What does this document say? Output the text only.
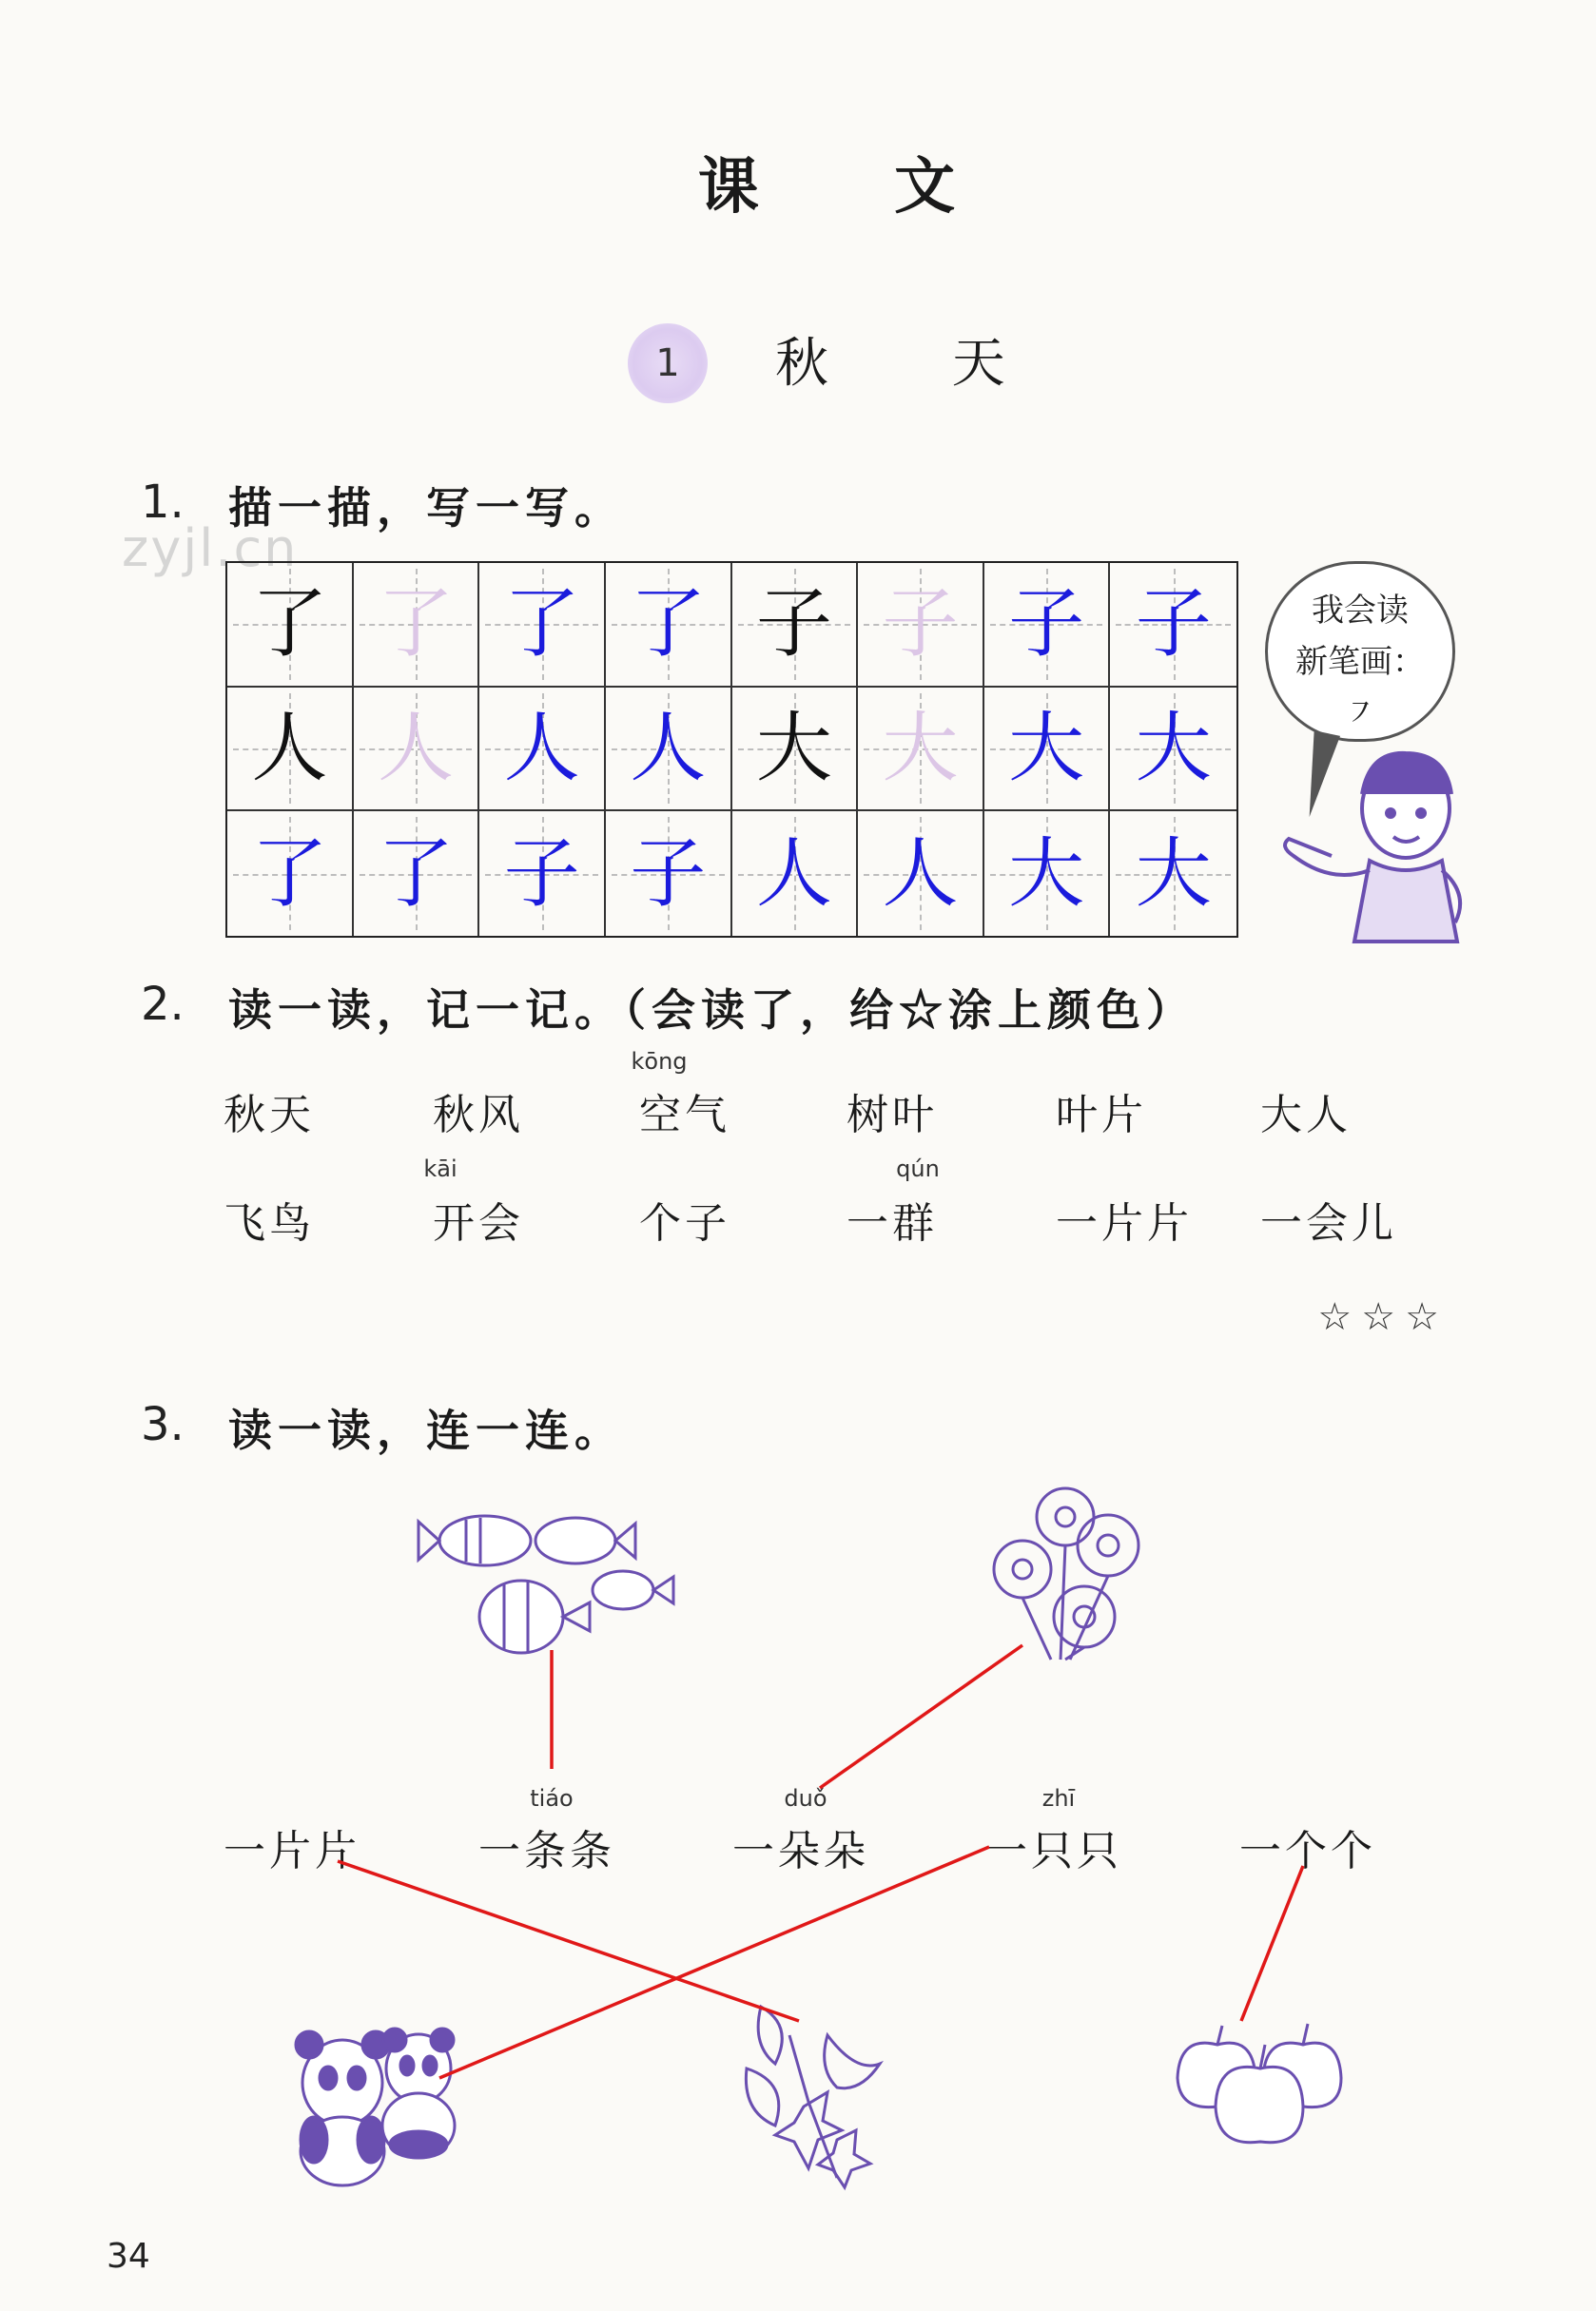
课 文
1	秋 天
zyjl.cn
1. 描一描，写一写。
了 了 了 了 子 子 子 子
人 人 人 人 大 大 大 大
了 了 子 子 人 人 大 大
我会读
新笔画：
㇇
2. 读一读，记一记。（会读了，给☆涂上颜色）
kōng
kāi	qún
秋天	秋风	空气	树叶	叶片	大人
飞鸟	开会	个子	一群	一片片 一会儿
☆☆☆
3. 读一读，连一连。
tiáo	duǒ	zhī
一片片	一条条	一朵朵	一只只	一个个
34
